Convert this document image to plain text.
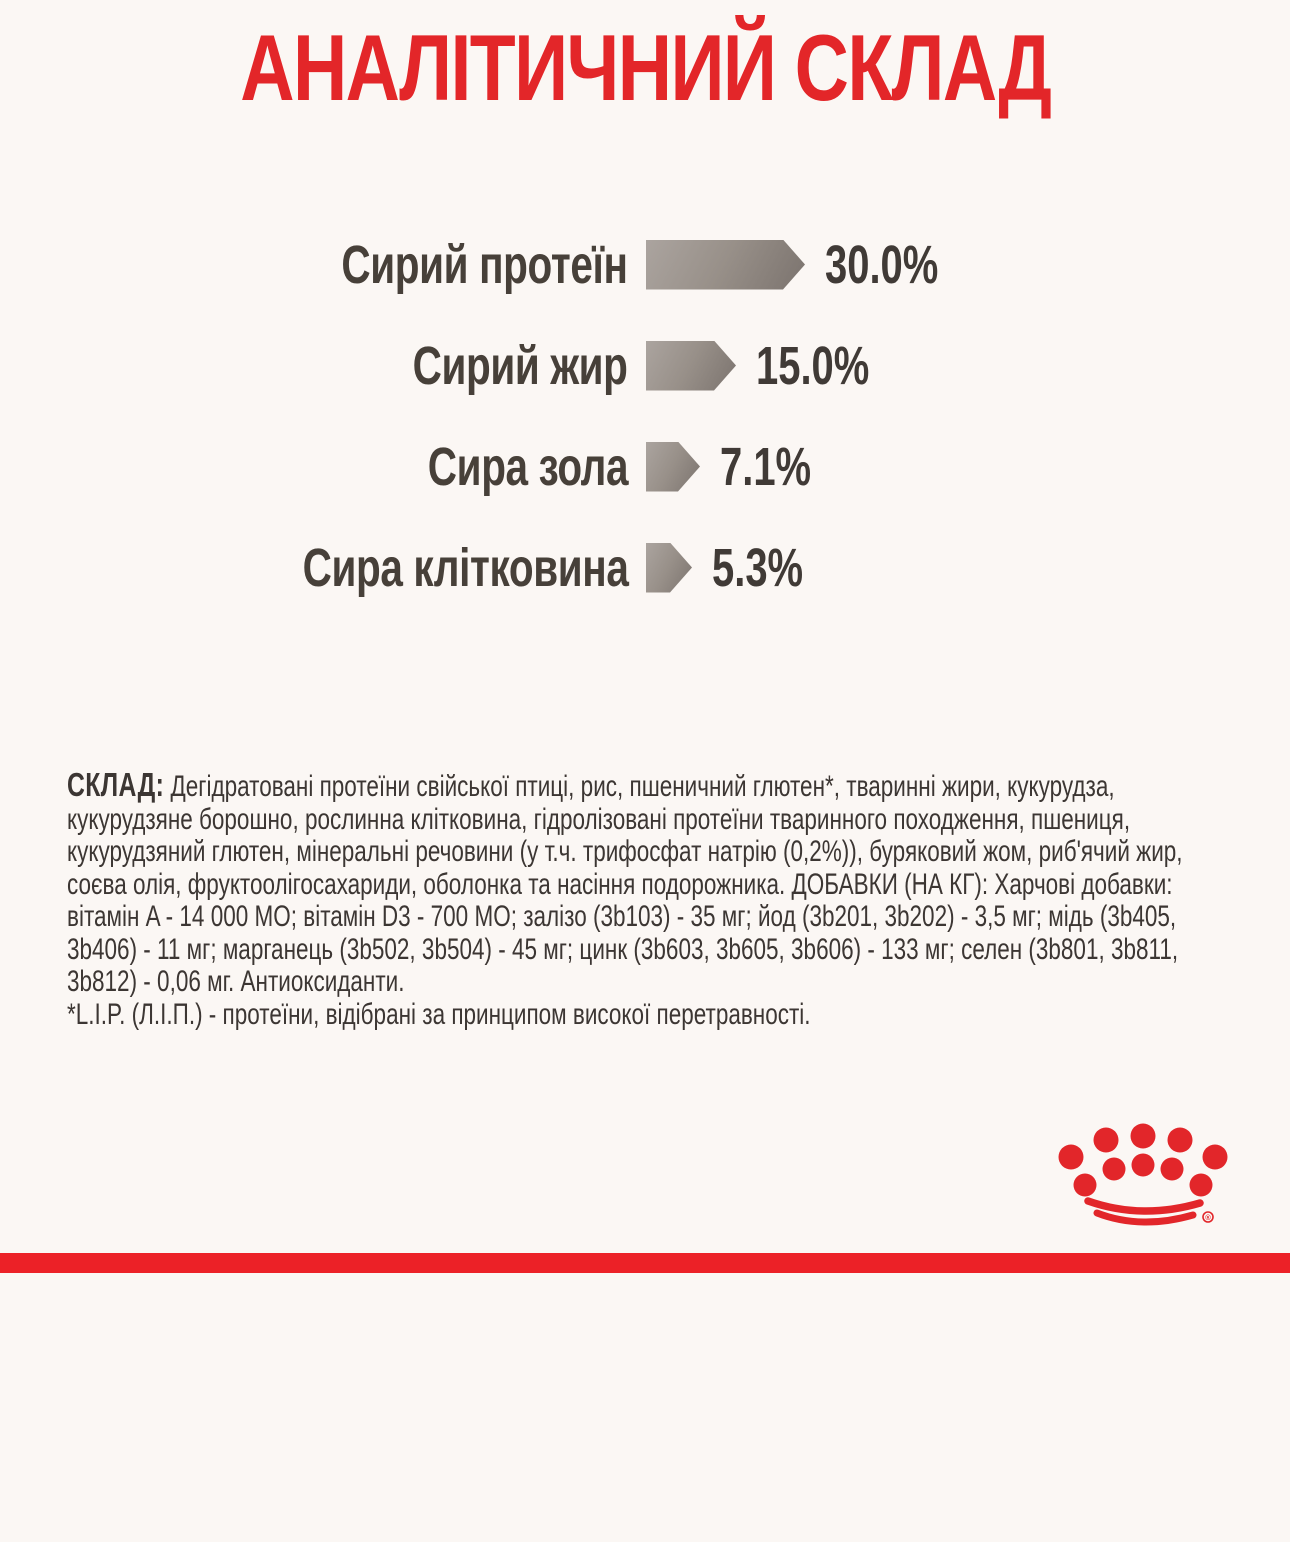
АНАЛІТИЧНИЙ СКЛАД
Сирий протеїн	30.0%
Сирий жир 15.0%
Сира зола 7.1%
Сира клітковина 5.3%
СКЛАД: Дегідратовані протеїни свійської птиці, рис, пшеничний глютен*, тваринні жири, кукурудза,
кукурудзяне борошно, рослинна клітковина, гідролізовані протеїни тваринного походження, пшениця,
кукурудзяний глютен, мінеральні речовини (у т.ч. трифосфат натрію (0,2%)), буряковий жом, риб'ячий жир,
соєва олія, фруктоолігосахариди, оболонка та насіння подорожника. ДОБАВКИ (НА КГ): Харчові добавки:
вітамін A - 14 000 МО; вітамін D3 - 700 МО; залізо (3b103) - 35 мг; йод (3b201, 3b202) - 3,5 мг; мідь (3b405,
3b406) - 11 мг; марганець (3b502, 3b504) - 45 мг; цинк (3b603, 3b605, 3b606) - 133 мг; селен (3b801, 3b811,
3b812) - 0,06 мг. Антиоксиданти.
*L.I.P. (Л.І.П.) - протеїни, відібрані за принципом високої перетравності.
®
